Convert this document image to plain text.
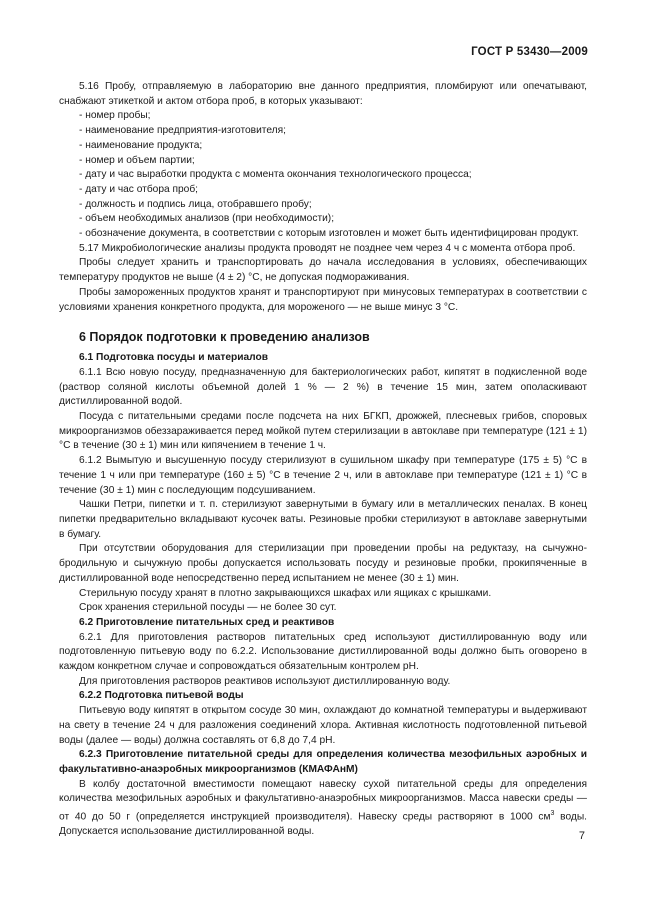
ГОСТ Р 53430—2009

5.16 Пробу, отправляемую в лабораторию вне данного предприятия, пломбируют или опечатывают, снабжают этикеткой и актом отбора проб, в которых указывают:

- номер пробы;

- наименование предприятия-изготовителя;

- наименование продукта;

- номер и объем партии;

- дату и час выработки продукта с момента окончания технологического процесса;

- дату и час отбора проб;

- должность и подпись лица, отобравшего пробу;

- объем необходимых анализов (при необходимости);

- обозначение документа, в соответствии с которым изготовлен и может быть идентифицирован продукт.

5.17 Микробиологические анализы продукта проводят не позднее чем через 4 ч с момента отбора проб.

Пробы следует хранить и транспортировать до начала исследования в условиях, обеспечивающих температуру продуктов не выше (4 ± 2) °С, не допуская подмораживания.

Пробы замороженных продуктов хранят и транспортируют при минусовых температурах в соответствии с условиями хранения конкретного продукта, для мороженого — не выше минус 3 °С.

6 Порядок подготовки к проведению анализов

6.1 Подготовка посуды и материалов

6.1.1 Всю новую посуду, предназначенную для бактериологических работ, кипятят в подкисленной воде (раствор соляной кислоты объемной долей 1 % — 2 %) в течение 15 мин, затем ополаскивают дистиллированной водой.

Посуда с питательными средами после подсчета на них БГКП, дрожжей, плесневых грибов, споровых микроорганизмов обеззараживается перед мойкой путем стерилизации в автоклаве при температуре (121 ± 1) °С в течение (30 ± 1) мин или кипячением в течение 1 ч.

6.1.2 Вымытую и высушенную посуду стерилизуют в сушильном шкафу при температуре (175 ± 5) °С в течение 1 ч или при температуре (160 ± 5) °С в течение 2 ч, или в автоклаве при температуре (121 ± 1) °С в течение (30 ± 1) мин с последующим подсушиванием.

Чашки Петри, пипетки и т. п. стерилизуют завернутыми в бумагу или в металлических пеналах. В конец пипетки предварительно вкладывают кусочек ваты. Резиновые пробки стерилизуют в автоклаве завернутыми в бумагу.

При отсутствии оборудования для стерилизации при проведении пробы на редуктазу, на сычужно-бродильную и сычужную пробы допускается использовать посуду и резиновые пробки, прокипяченные в дистиллированной воде непосредственно перед испытанием не менее (30 ± 1) мин.

Стерильную посуду хранят в плотно закрывающихся шкафах или ящиках с крышками.

Срок хранения стерильной посуды — не более 30 сут.

6.2 Приготовление питательных сред и реактивов

6.2.1 Для приготовления растворов питательных сред используют дистиллированную воду или подготовленную питьевую воду по 6.2.2. Использование дистиллированной воды должно быть оговорено в каждом конкретном случае и сопровождаться обязательным контролем рН.

Для приготовления растворов реактивов используют дистиллированную воду.

6.2.2 Подготовка питьевой воды

Питьевую воду кипятят в открытом сосуде 30 мин, охлаждают до комнатной температуры и выдерживают на свету в течение 24 ч для разложения соединений хлора. Активная кислотность подготовленной питьевой воды (далее — воды) должна составлять от 6,8 до 7,4 рН.

6.2.3 Приготовление питательной среды для определения количества мезофильных аэробных и факультативно-анаэробных микроорганизмов (КМАФАнМ)

В колбу достаточной вместимости помещают навеску сухой питательной среды для определения количества мезофильных аэробных и факультативно-анаэробных микроорганизмов. Масса навески среды — от 40 до 50 г (определяется инструкцией производителя). Навеску среды растворяют в 1000 $см^3$ воды. Допускается использование дистиллированной воды.	7
